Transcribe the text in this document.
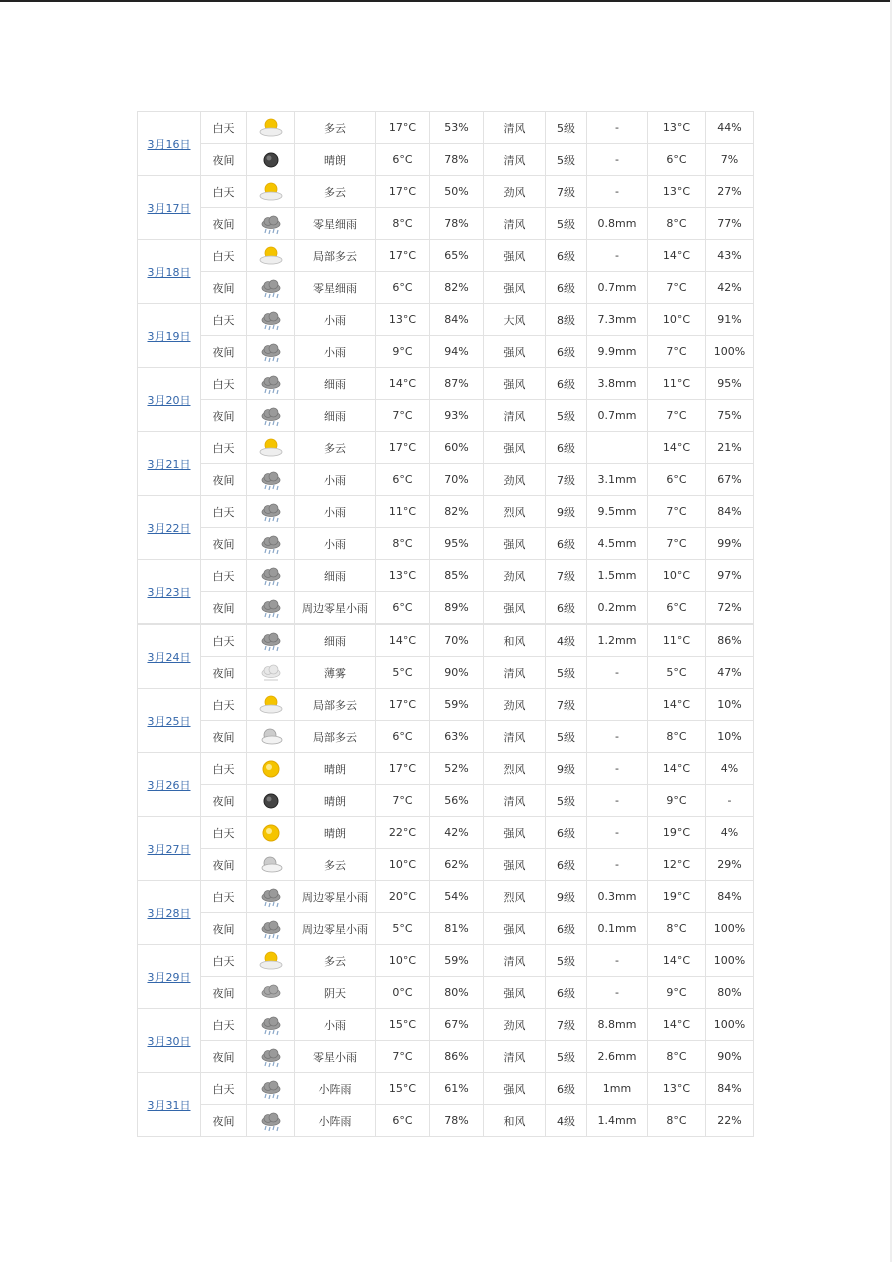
3月16日	白天		多云	17°C	53%	清风	5级	-	13°C	44%
	夜间		晴朗	6°C	78%	清风	5级	-	6°C	7%
3月17日	白天		多云	17°C	50%	劲风	7级	-	13°C	27%
	夜间		零星细雨	8°C	78%	清风	5级	0.8mm	8°C	77%
3月18日	白天		局部多云	17°C	65%	强风	6级	-	14°C	43%
	夜间		零星细雨	6°C	82%	强风	6级	0.7mm	7°C	42%
3月19日	白天		小雨	13°C	84%	大风	8级	7.3mm	10°C	91%
	夜间		小雨	9°C	94%	强风	6级	9.9mm	7°C	100%
3月20日	白天		细雨	14°C	87%	强风	6级	3.8mm	11°C	95%
	夜间		细雨	7°C	93%	清风	5级	0.7mm	7°C	75%
3月21日	白天		多云	17°C	60%	强风	6级		14°C	21%
	夜间		小雨	6°C	70%	劲风	7级	3.1mm	6°C	67%
3月22日	白天		小雨	11°C	82%	烈风	9级	9.5mm	7°C	84%
	夜间		小雨	8°C	95%	强风	6级	4.5mm	7°C	99%
3月23日	白天		细雨	13°C	85%	劲风	7级	1.5mm	10°C	97%
	夜间		周边零星小雨	6°C	89%	强风	6级	0.2mm	6°C	72%
3月24日	白天		细雨	14°C	70%	和风	4级	1.2mm	11°C	86%
	夜间		薄雾	5°C	90%	清风	5级	-	5°C	47%
3月25日	白天		局部多云	17°C	59%	劲风	7级		14°C	10%
	夜间		局部多云	6°C	63%	清风	5级	-	8°C	10%
3月26日	白天		晴朗	17°C	52%	烈风	9级	-	14°C	4%
	夜间		晴朗	7°C	56%	清风	5级	-	9°C	-
3月27日	白天		晴朗	22°C	42%	强风	6级	-	19°C	4%
	夜间		多云	10°C	62%	强风	6级	-	12°C	29%
3月28日	白天		周边零星小雨	20°C	54%	烈风	9级	0.3mm	19°C	84%
	夜间		周边零星小雨	5°C	81%	强风	6级	0.1mm	8°C	100%
3月29日	白天		多云	10°C	59%	清风	5级	-	14°C	100%
	夜间		阴天	0°C	80%	强风	6级	-	9°C	80%
3月30日	白天		小雨	15°C	67%	劲风	7级	8.8mm	14°C	100%
	夜间		零星小雨	7°C	86%	清风	5级	2.6mm	8°C	90%
3月31日	白天		小阵雨	15°C	61%	强风	6级	1mm	13°C	84%
	夜间		小阵雨	6°C	78%	和风	4级	1.4mm	8°C	22%
